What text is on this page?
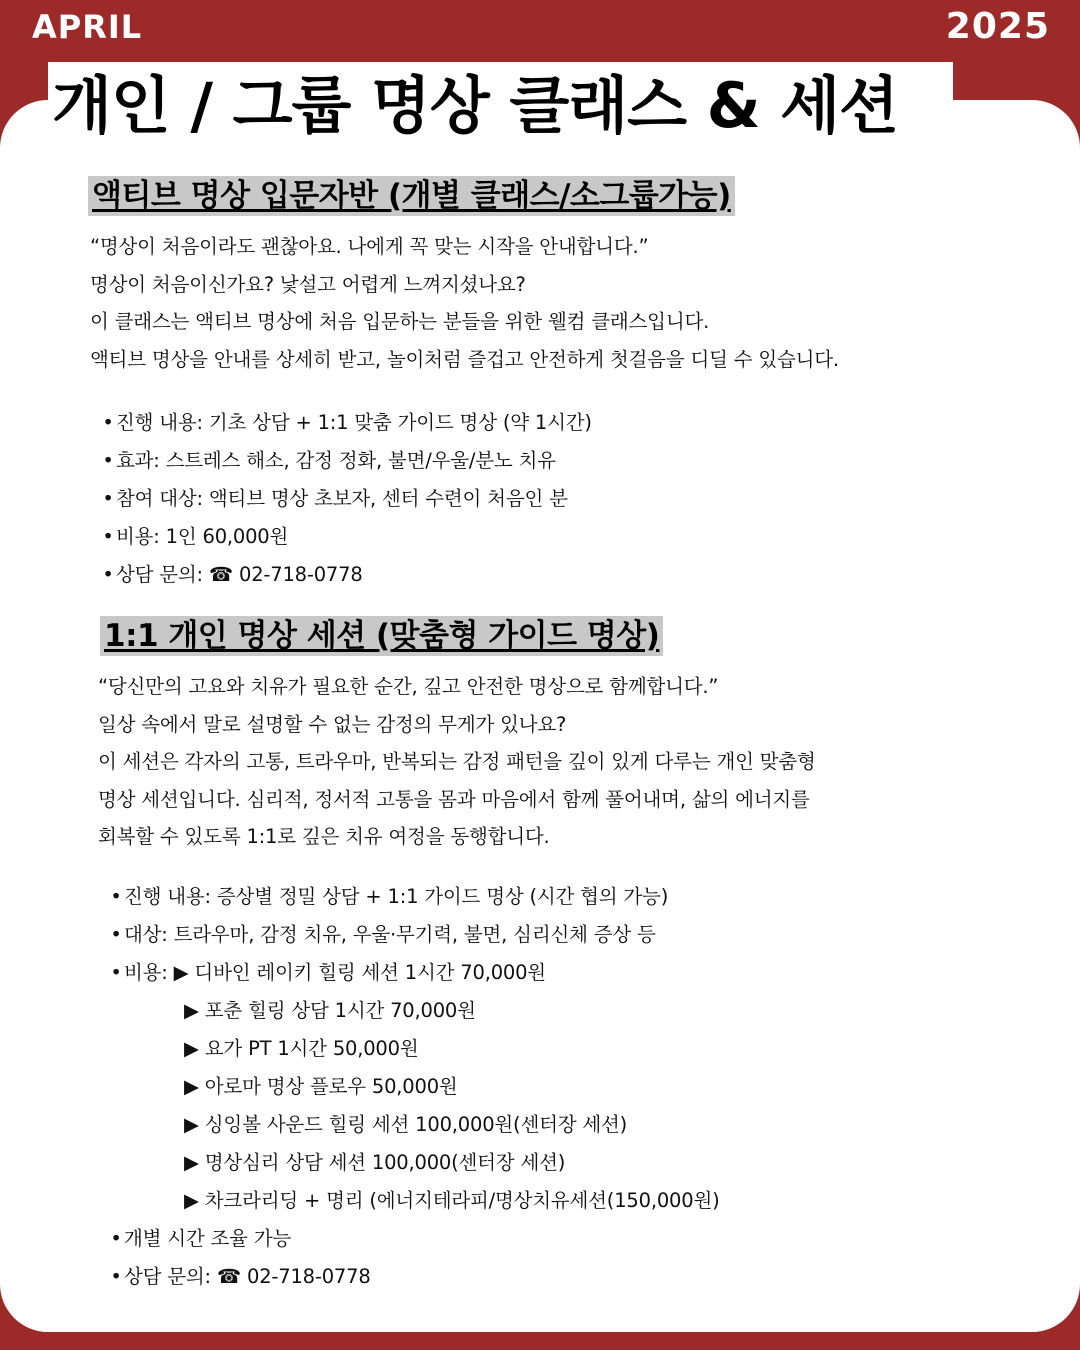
APRIL	2025
개인 / 그룹 명상 클래스 & 세션
액티브 명상 입문자반 (개별 클래스/소그룹가능)
“명상이 처음이라도 괜찮아요. 나에게 꼭 맞는 시작을 안내합니다.”
명상이 처음이신가요? 낯설고 어렵게 느껴지셨나요?
이 클래스는 액티브 명상에 처음 입문하는 분들을 위한 웰컴 클래스입니다.
액티브 명상을 안내를 상세히 받고, 놀이처럼 즐겁고 안전하게 첫걸음을 디딜 수 있습니다.
• 진행 내용: 기초 상담 + 1:1 맞춤 가이드 명상 (약 1시간)
• 효과: 스트레스 해소, 감정 정화, 불면/우울/분노 치유
• 참여 대상: 액티브 명상 초보자, 센터 수련이 처음인 분
• 비용: 1인 60,000원
• 상담 문의: ☎ 02-718-0778
1:1 개인 명상 세션 (맞춤형 가이드 명상)
“당신만의 고요와 치유가 필요한 순간, 깊고 안전한 명상으로 함께합니다.”
일상 속에서 말로 설명할 수 없는 감정의 무게가 있나요?
이 세션은 각자의 고통, 트라우마, 반복되는 감정 패턴을 깊이 있게 다루는 개인 맞춤형
명상 세션입니다. 심리적, 정서적 고통을 몸과 마음에서 함께 풀어내며, 삶의 에너지를
회복할 수 있도록 1:1로 깊은 치유 여정을 동행합니다.
• 진행 내용: 증상별 정밀 상담 + 1:1 가이드 명상 (시간 협의 가능)
• 대상: 트라우마, 감정 치유, 우울·무기력, 불면, 심리신체 증상 등
• 비용: ▶ 디바인 레이키 힐링 세션 1시간 70,000원
▶ 포춘 힐링 상담 1시간 70,000원
▶ 요가 PT 1시간 50,000원
▶ 아로마 명상 플로우 50,000원
▶ 싱잉볼 사운드 힐링 세션 100,000원(센터장 세션)
▶ 명상심리 상담 세션 100,000(센터장 세션)
▶ 차크라리딩 + 명리 (에너지테라피/명상치유세션(150,000원)
• 개별 시간 조율 가능
• 상담 문의: ☎ 02-718-0778
